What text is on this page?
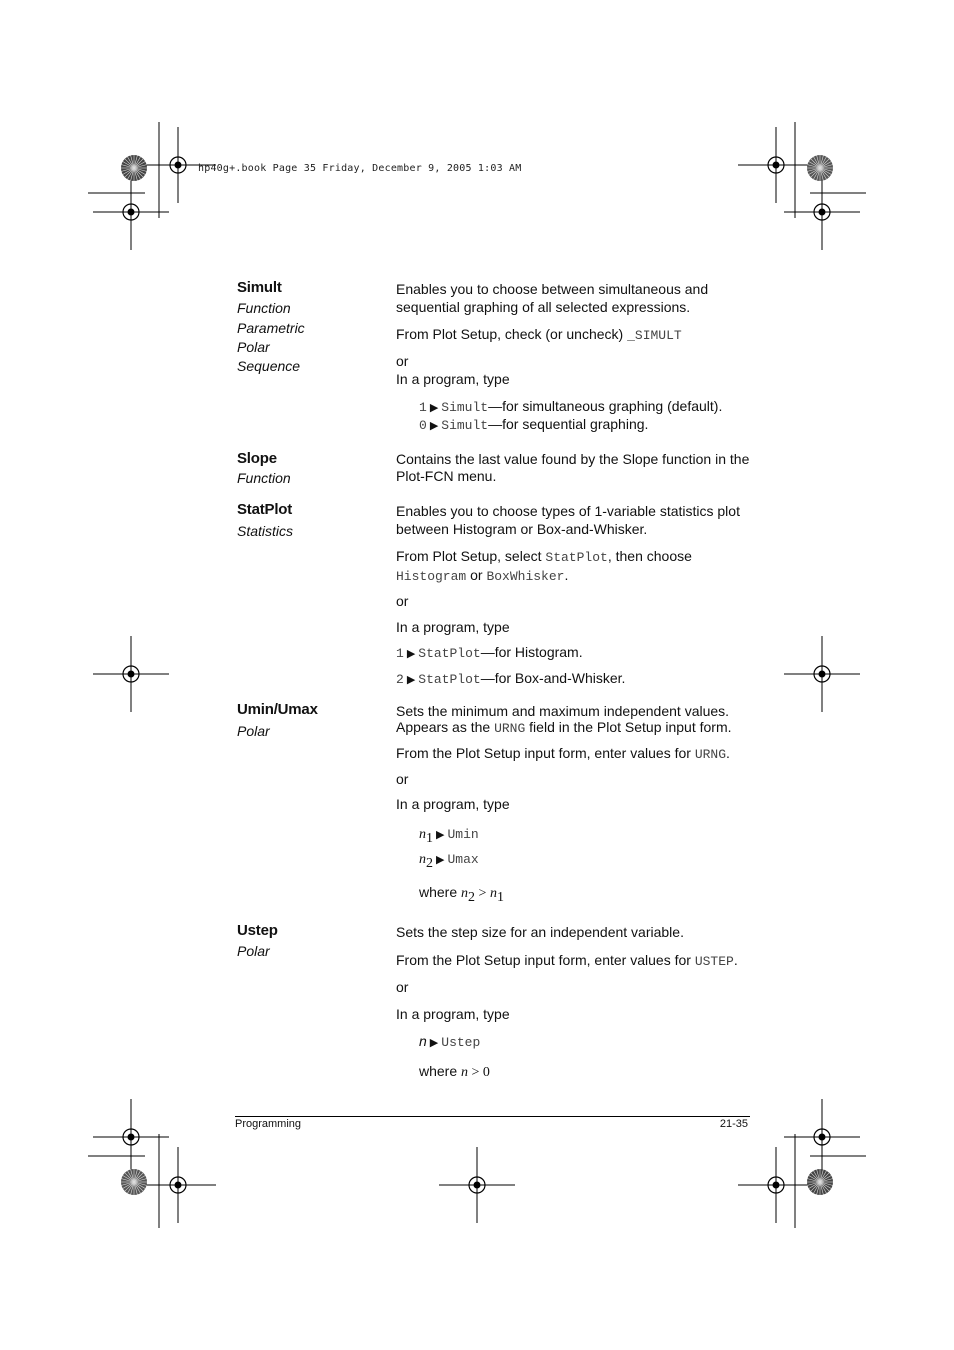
hp40g+.book Page 35 Friday, December 9, 2005 1:03 AM
Simult
Function
Parametric
Polar
Sequence
Enables you to choose between simultaneous and
sequential graphing of all selected expressions.
From Plot Setup, check (or uncheck) _SIMULT
or
In a program, type
1 ▶ Simult—for simultaneous graphing (default).
0 ▶ Simult—for sequential graphing.
Slope
Function
Contains the last value found by the Slope function in the
Plot-FCN menu.
StatPlot
Statistics
Enables you to choose types of 1-variable statistics plot
between Histogram or Box-and-Whisker.
From Plot Setup, select StatPlot, then choose
Histogram or BoxWhisker.
or
In a program, type
1 ▶ StatPlot—for Histogram.
2 ▶ StatPlot—for Box-and-Whisker.
Umin/Umax
Polar
Sets the minimum and maximum independent values.
Appears as the URNG field in the Plot Setup input form.
From the Plot Setup input form, enter values for URNG.
or
In a program, type
$n_1$ ▶ Umin
$n_2$ ▶ Umax
where $n_2 > n_1$
Ustep
Polar
Sets the step size for an independent variable.
From the Plot Setup input form, enter values for USTEP.
or
In a program, type
n ▶ Ustep
where n > 0
Programming	21-35
